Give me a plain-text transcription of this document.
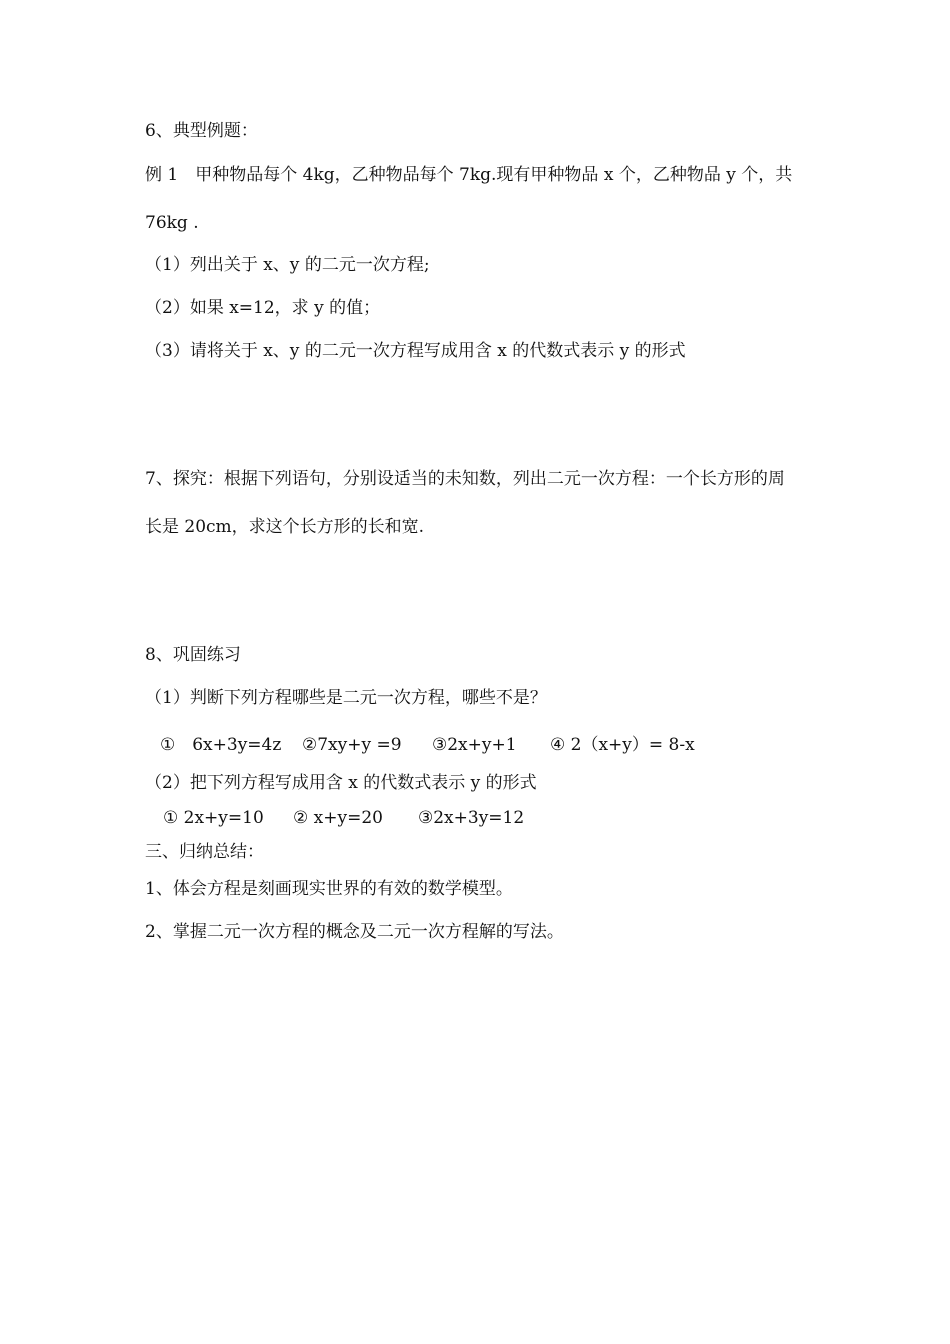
6、典型例题：
例 1　甲种物品每个 4kg，乙种物品每个 7kg.现有甲种物品 x 个，乙种物品 y 个，共
76kg .
（1）列出关于 x、y 的二元一次方程;
（2）如果 x=12，求 y 的值；
（3）请将关于 x、y 的二元一次方程写成用含 x 的代数式表示 y 的形式
7、探究：根据下列语句，分别设适当的未知数，列出二元一次方程：一个长方形的周
长是 20cm，求这个长方形的长和宽.
8、巩固练习
（1）判断下列方程哪些是二元一次方程，哪些不是？
①　6x+3y=4z ②7xy+y =9 ③2x+y+1 ④ 2（x+y）= 8-x
（2）把下列方程写成用含 x 的代数式表示 y 的形式
① 2x+y=10 ② x+y=20 ③2x+3y=12
三、归纳总结：
1、体会方程是刻画现实世界的有效的数学模型。
2、掌握二元一次方程的概念及二元一次方程解的写法。
